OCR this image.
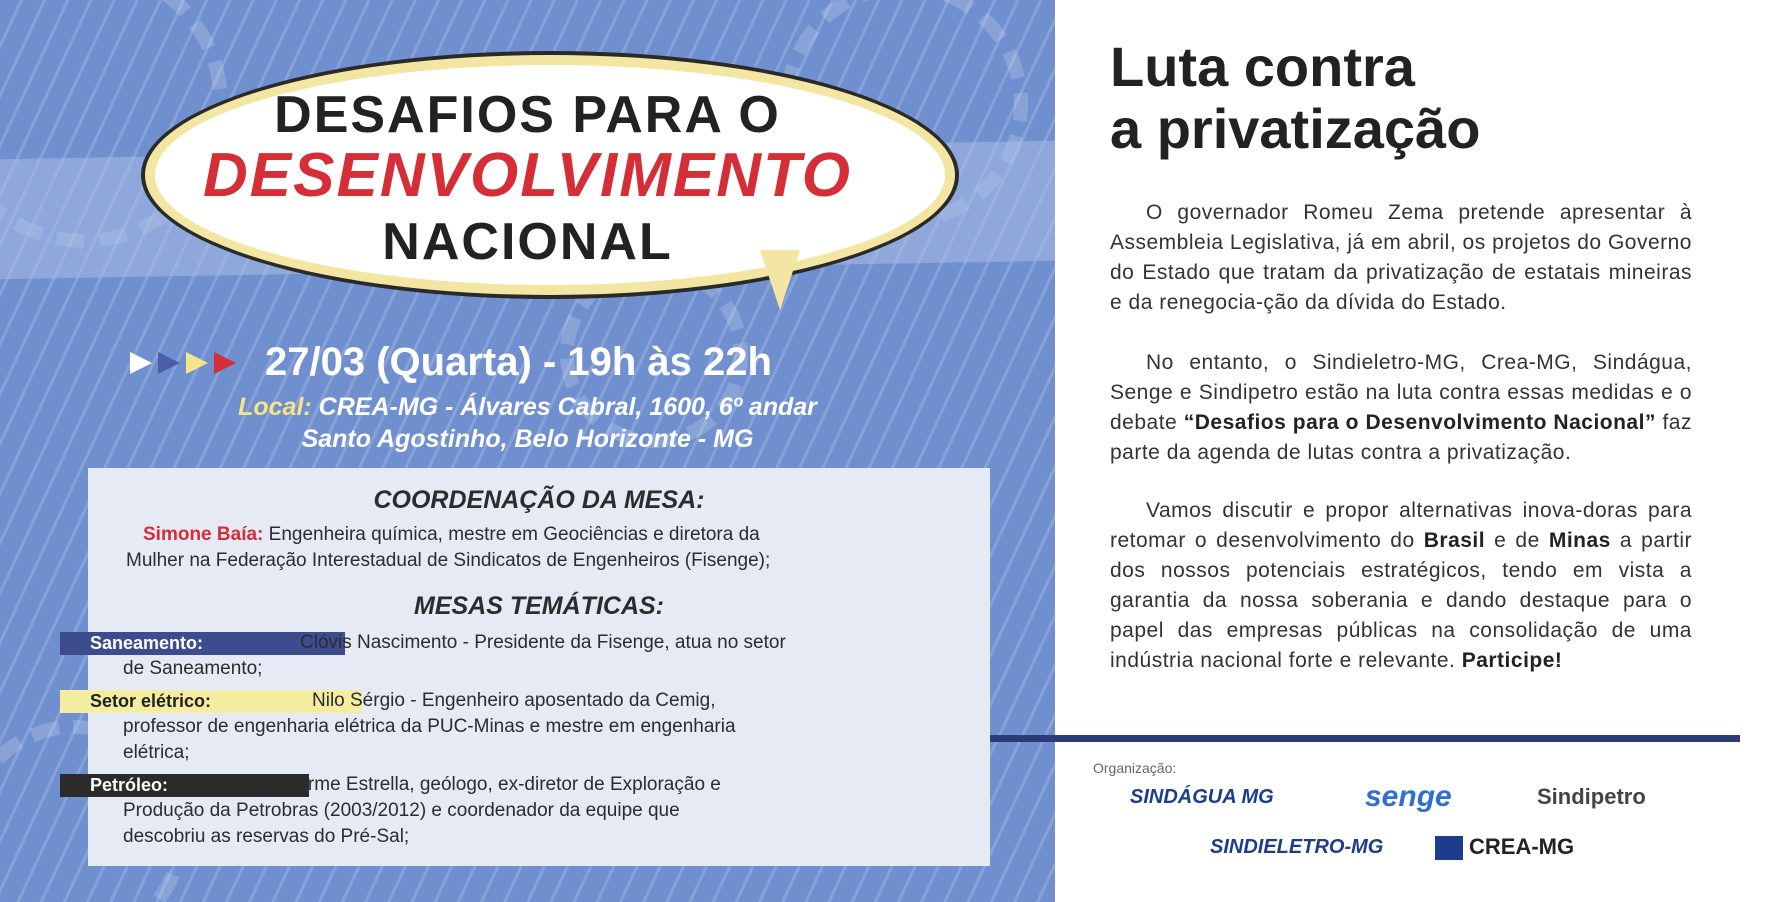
DESAFIOS PARA O
DESENVOLVIMENTO
NACIONAL
27/03 (Quarta) - 19h às 22h
Local: CREA-MG - Álvares Cabral, 1600, 6º andar
Santo Agostinho, Belo Horizonte - MG
COORDENAÇÃO DA MESA:
Simone Baía: Engenheira química, mestre em Geociências e diretora da
Mulher na Federação Interestadual de Sindicatos de Engenheiros (Fisenge);
MESAS TEMÁTICAS:
Saneamento:	Clóvis Nascimento - Presidente da Fisenge, atua no setor
de Saneamento;
Setor elétrico:	Nilo Sérgio - Engenheiro aposentado da Cemig,
professor de engenharia elétrica da PUC-Minas e mestre em engenharia
elétrica;
Petróleo:	Guilherme Estrella, geólogo, ex-diretor de Exploração e
Produção da Petrobras (2003/2012) e coordenador da equipe que
descobriu as reservas do Pré-Sal;
Luta contra
a privatização
O governador Romeu Zema pretende apresentar à Assembleia Legislativa, já em abril, os projetos do Governo do Estado que tratam da privatização de estatais mineiras e da renegocia-ção da dívida do Estado.
No entanto, o Sindieletro-MG, Crea-MG, Sindágua, Senge e Sindipetro estão na luta contra essas medidas e o debate “Desafios para o Desenvolvimento Nacional” faz parte da agenda de lutas contra a privatização.
Vamos discutir e propor alternativas inova-doras para retomar o desenvolvimento do Brasil e de Minas a partir dos nossos potenciais estratégicos, tendo em vista a garantia da nossa soberania e dando destaque para o papel das empresas públicas na consolidação de uma indústria nacional forte e relevante. Participe!
Organização:
SINDÁGUA MG	senge	Sindipetro
SINDIELETRO-MG	CREA-MG
